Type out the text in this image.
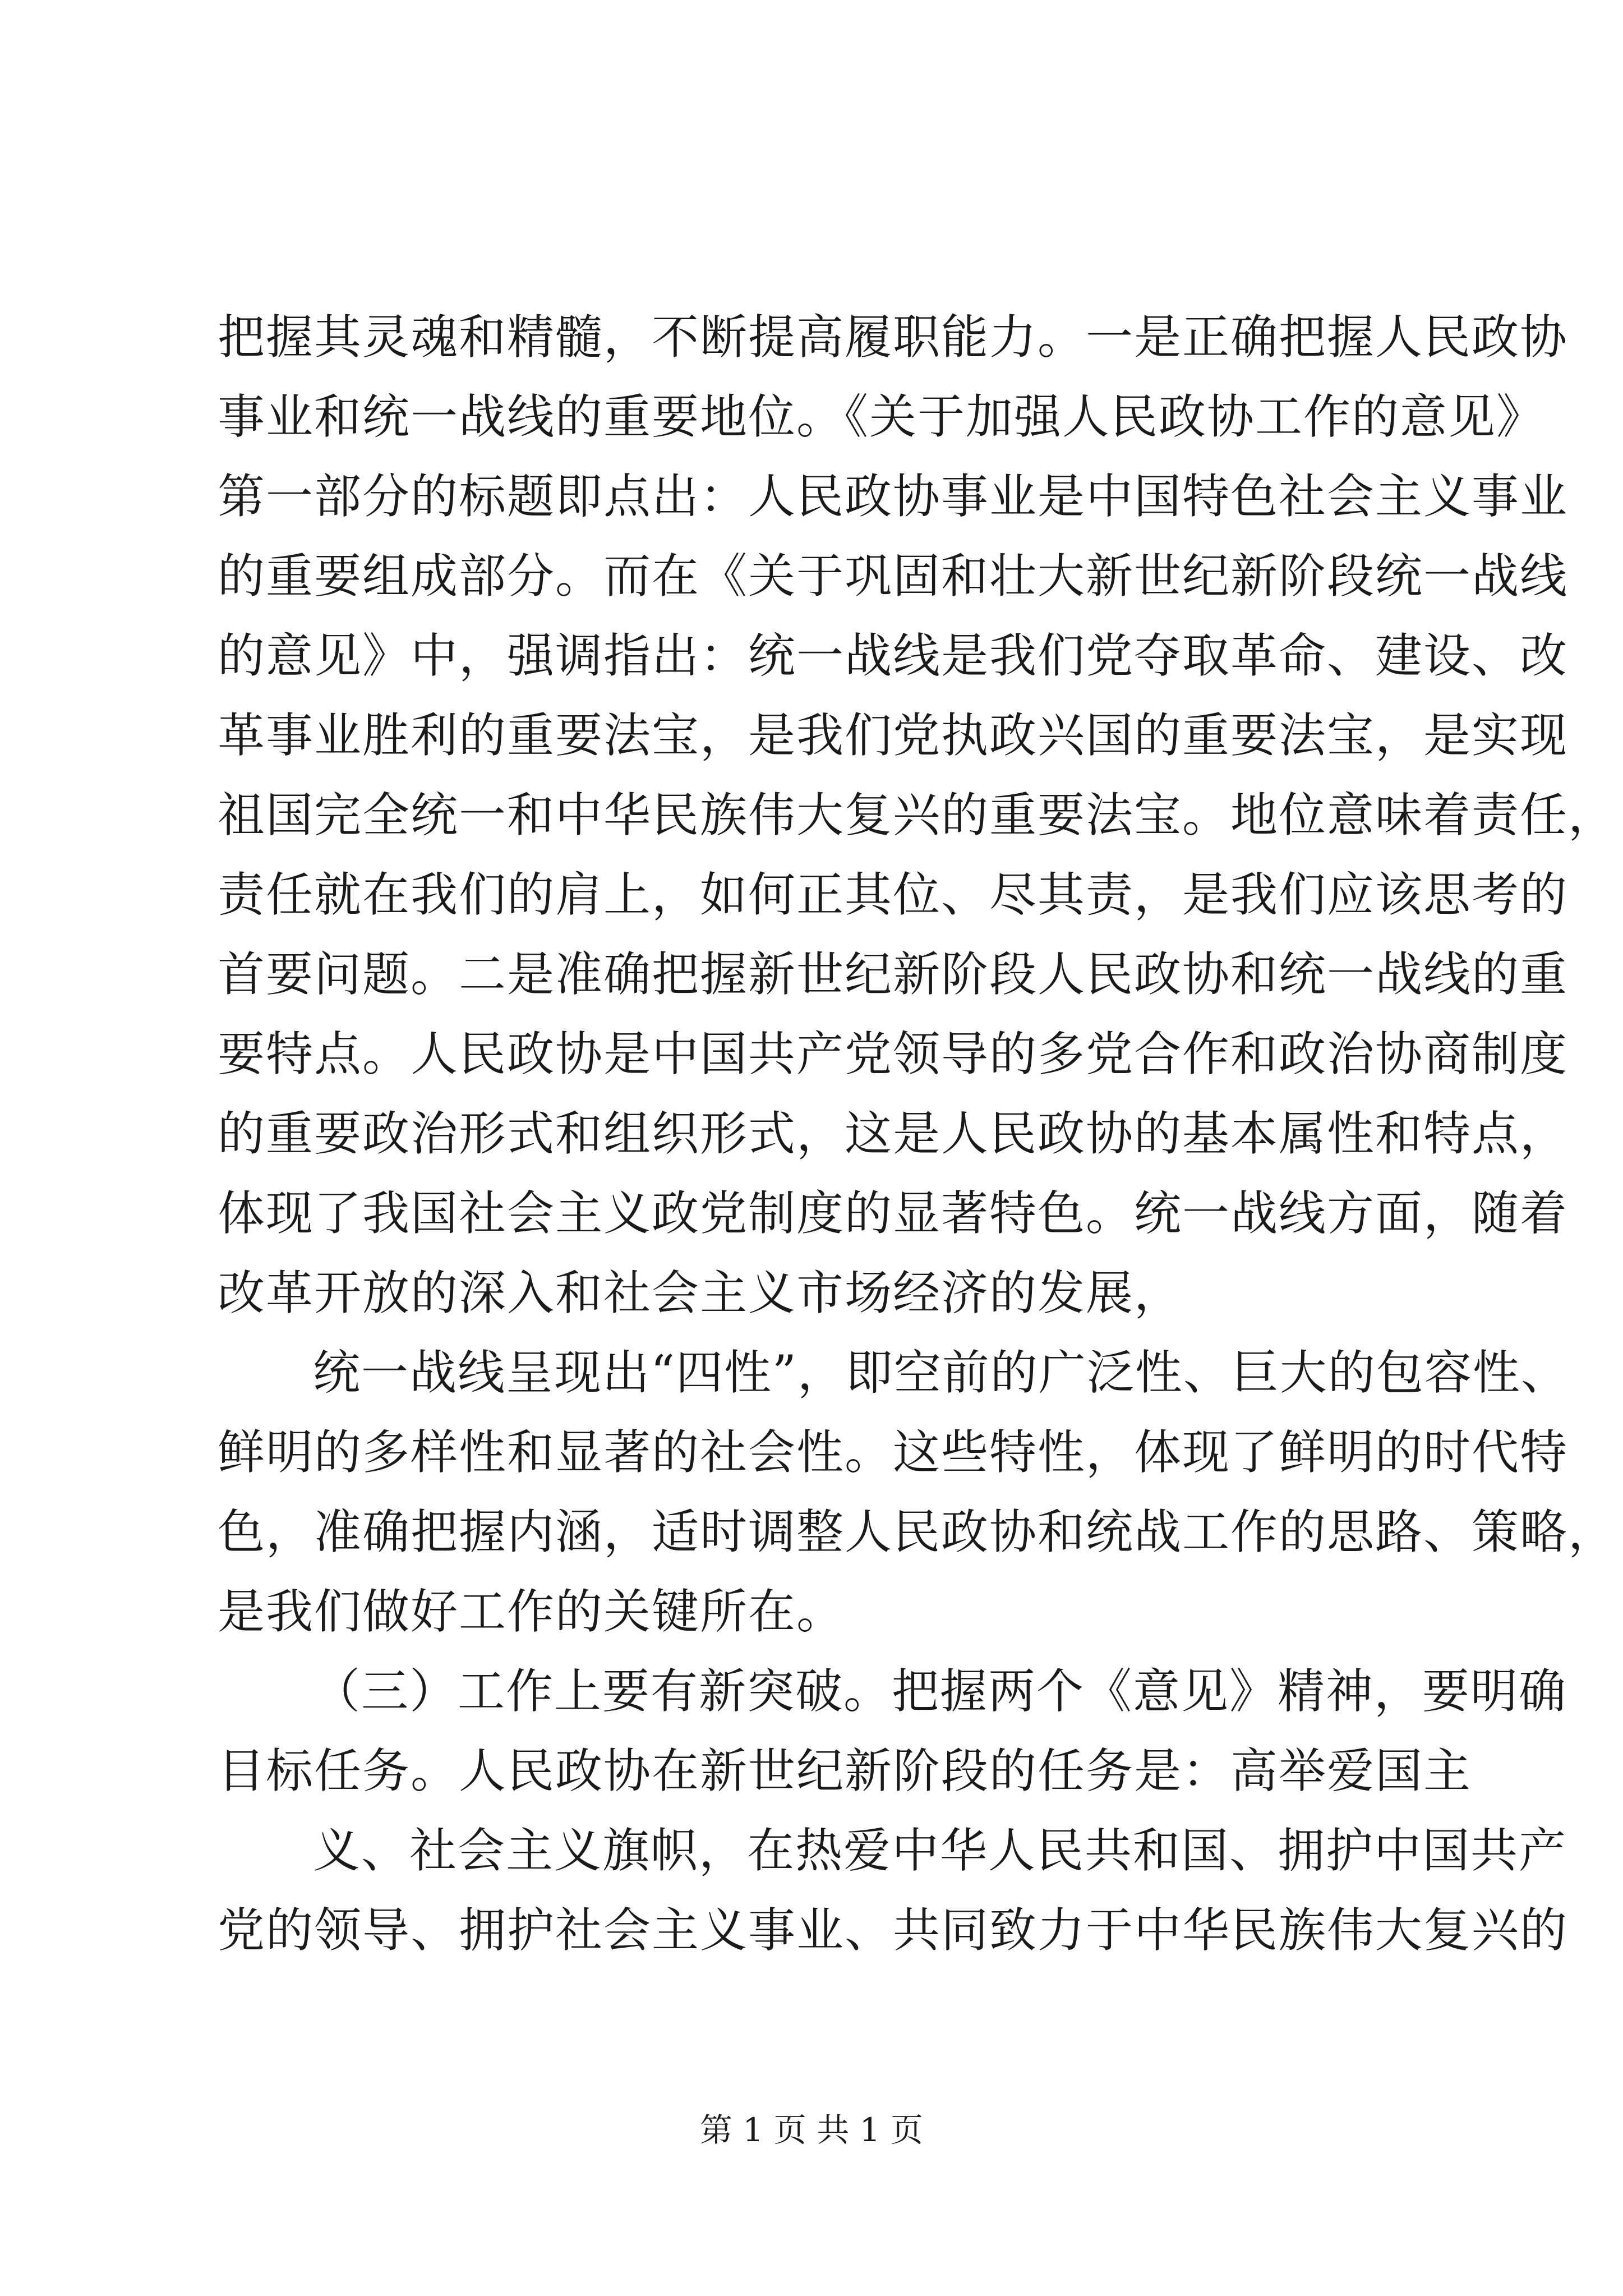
把握其灵魂和精髓，不断提高履职能力。一是正确把握人民政协
事业和统一战线的重要地位。《关于加强人民政协工作的意见》
第一部分的标题即点出：人民政协事业是中国特色社会主义事业
的重要组成部分。而在《关于巩固和壮大新世纪新阶段统一战线
的意见》中，强调指出：统一战线是我们党夺取革命、建设、改
革事业胜利的重要法宝，是我们党执政兴国的重要法宝，是实现
祖国完全统一和中华民族伟大复兴的重要法宝。地位意味着责任，
责任就在我们的肩上，如何正其位、尽其责，是我们应该思考的
首要问题。二是准确把握新世纪新阶段人民政协和统一战线的重
要特点。人民政协是中国共产党领导的多党合作和政治协商制度
的重要政治形式和组织形式，这是人民政协的基本属性和特点，
体现了我国社会主义政党制度的显著特色。统一战线方面，随着
改革开放的深入和社会主义市场经济的发展，
统一战线呈现出“四性”，即空前的广泛性、巨大的包容性、
鲜明的多样性和显著的社会性。这些特性，体现了鲜明的时代特
色，准确把握内涵，适时调整人民政协和统战工作的思路、策略，
是我们做好工作的关键所在。
（三）工作上要有新突破。把握两个《意见》精神，要明确
目标任务。人民政协在新世纪新阶段的任务是：高举爱国主
义、社会主义旗帜，在热爱中华人民共和国、拥护中国共产
党的领导、拥护社会主义事业、共同致力于中华民族伟大复兴的
第 1 页 共 1 页
